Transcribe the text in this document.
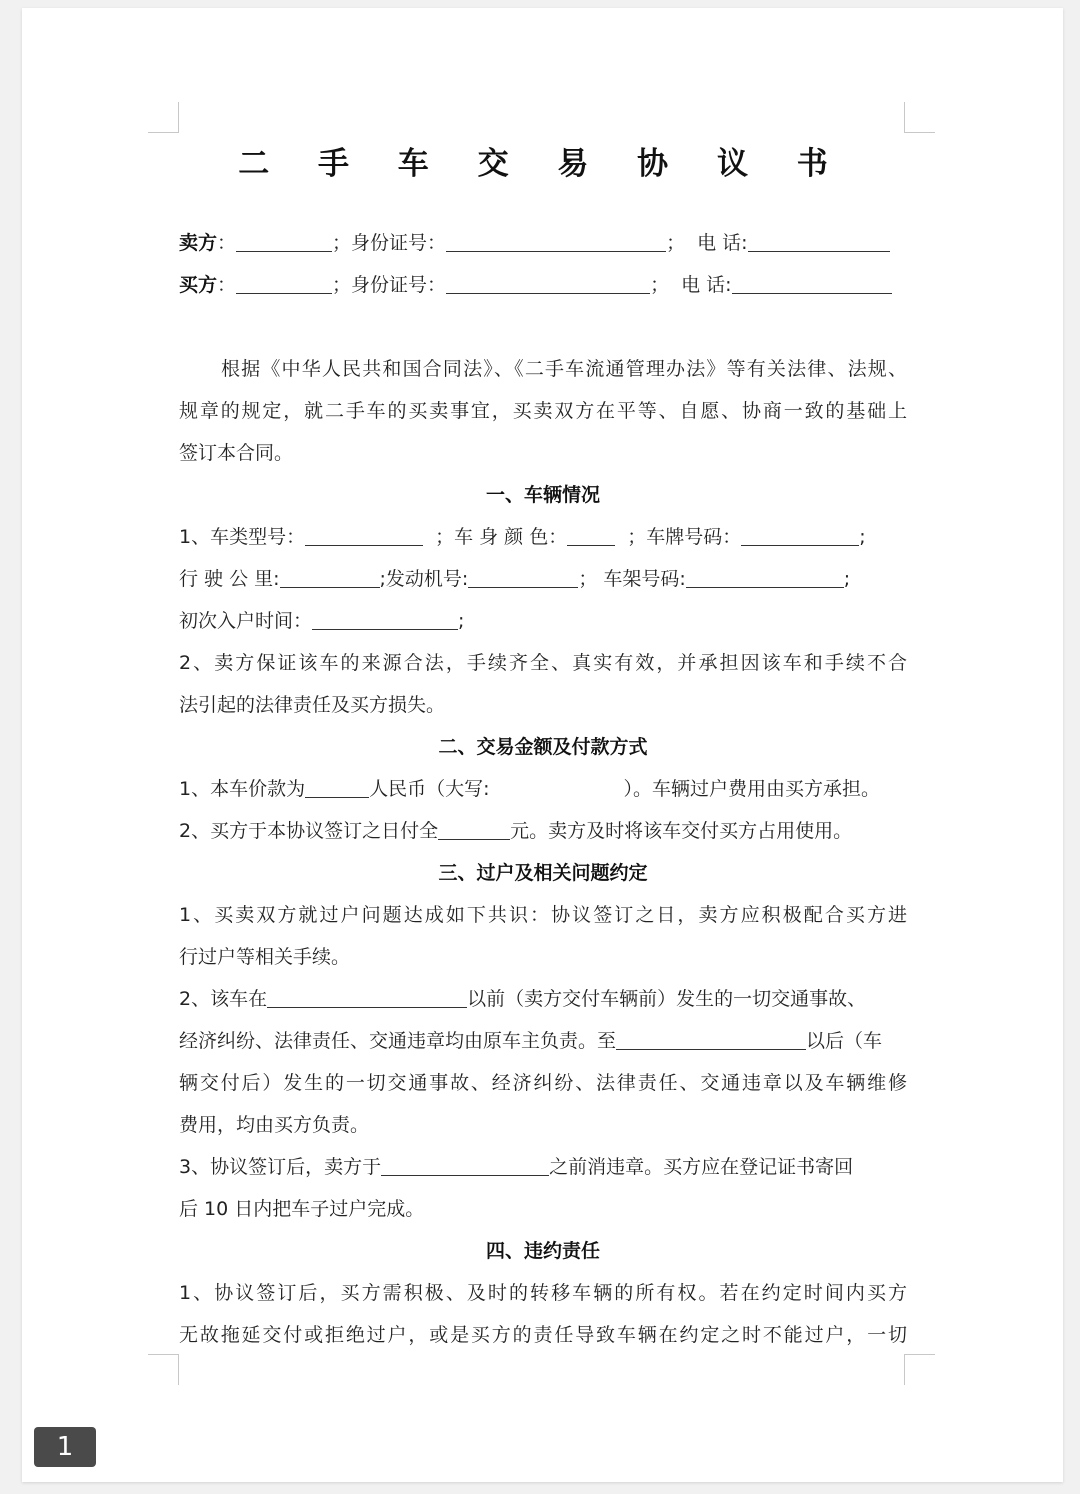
二 手 车 交 易 协 议 书
卖方：	；身份证号：	； 电 话:
买方：	；身份证号：	； 电 话:
根据《中华人民共和国合同法》、《二手车流通管理办法》等有关法律、法规、
规章的规定，就二手车的买卖事宜，买卖双方在平等、自愿、协商一致的基础上
签订本合同。
一、车辆情况
1、车类型号：	；车 身 颜 色：	；车牌号码：	;
行 驶 公 里:	;发动机号:	； 车架号码:	;
初次入户时间：	;
2、卖方保证该车的来源合法，手续齐全、真实有效，并承担因该车和手续不合
法引起的法律责任及买方损失。
二、交易金额及付款方式
1、本车价款为	人民币（大写:	）。车辆过户费用由买方承担。
2、买方于本协议签订之日付全	元。卖方及时将该车交付买方占用使用。
三、过户及相关问题约定
1、买卖双方就过户问题达成如下共识：协议签订之日，卖方应积极配合买方进
行过户等相关手续。
2、该车在	以前（卖方交付车辆前）发生的一切交通事故、
经济纠纷、法律责任、交通违章均由原车主负责。至	以后（车
辆交付后）发生的一切交通事故、经济纠纷、法律责任、交通违章以及车辆维修
费用，均由买方负责。
3、协议签订后，卖方于	之前消违章。买方应在登记证书寄回
后 10 日内把车子过户完成。
四、违约责任
1、协议签订后，买方需积极、及时的转移车辆的所有权。若在约定时间内买方
无故拖延交付或拒绝过户，或是买方的责任导致车辆在约定之时不能过户，一切
1
